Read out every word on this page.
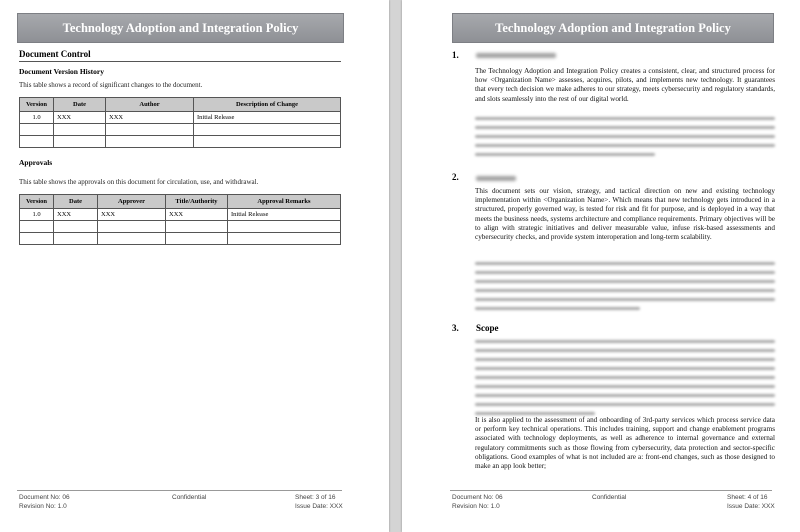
Technology Adoption and Integration Policy
Document Control
Document Version History
This table shows a record of significant changes to the document.
Version	Date	Author	Description of Change
1.0	XXX	XXX	Initial Release

Approvals
This table shows the approvals on this document for circulation, use, and withdrawal.
Version	Date	Approver	Title/Authority	Approval Remarks
1.0	XXX	XXX	XXX	Initial Release

Document No: 06
Revision No: 1.0
Confidential	Sheet: 3 of 16
Issue Date: XXX
Technology Adoption and Integration Policy
1.
The Technology Adoption and Integration Policy creates a consistent, clear, and structured process for how <Organization Name> assesses, acquires, pilots, and implements new technology. It guarantees that every tech decision we make adheres to our strategy, meets cybersecurity and regulatory standards, and slots seamlessly into the rest of our digital world.
2.
This document sets our vision, strategy, and tactical direction on new and existing technology implementation within <Organization Name>. Which means that new technology gets introduced in a structured, properly governed way, is tested for risk and fit for purpose, and is deployed in a way that meets the business needs, systems architecture and compliance requirements. Primary objectives will be to align with strategic initiatives and deliver measurable value, infuse risk-based assessments and cybersecurity checks, and provide system interoperation and long-term scalability.
3. Scope
It is also applied to the assessment of and onboarding of 3rd-party services which process service data or perform key technical operations. This includes training, support and change enablement programs associated with technology deployments, as well as adherence to internal governance and external regulatory commitments such as those flowing from cybersecurity, data protection and sector-specific obligations. Good examples of what is not included are a: front-end changes, such as those designed to make an app look better;
Document No: 06
Revision No: 1.0
Confidential	Sheet: 4 of 16
Issue Date: XXX
